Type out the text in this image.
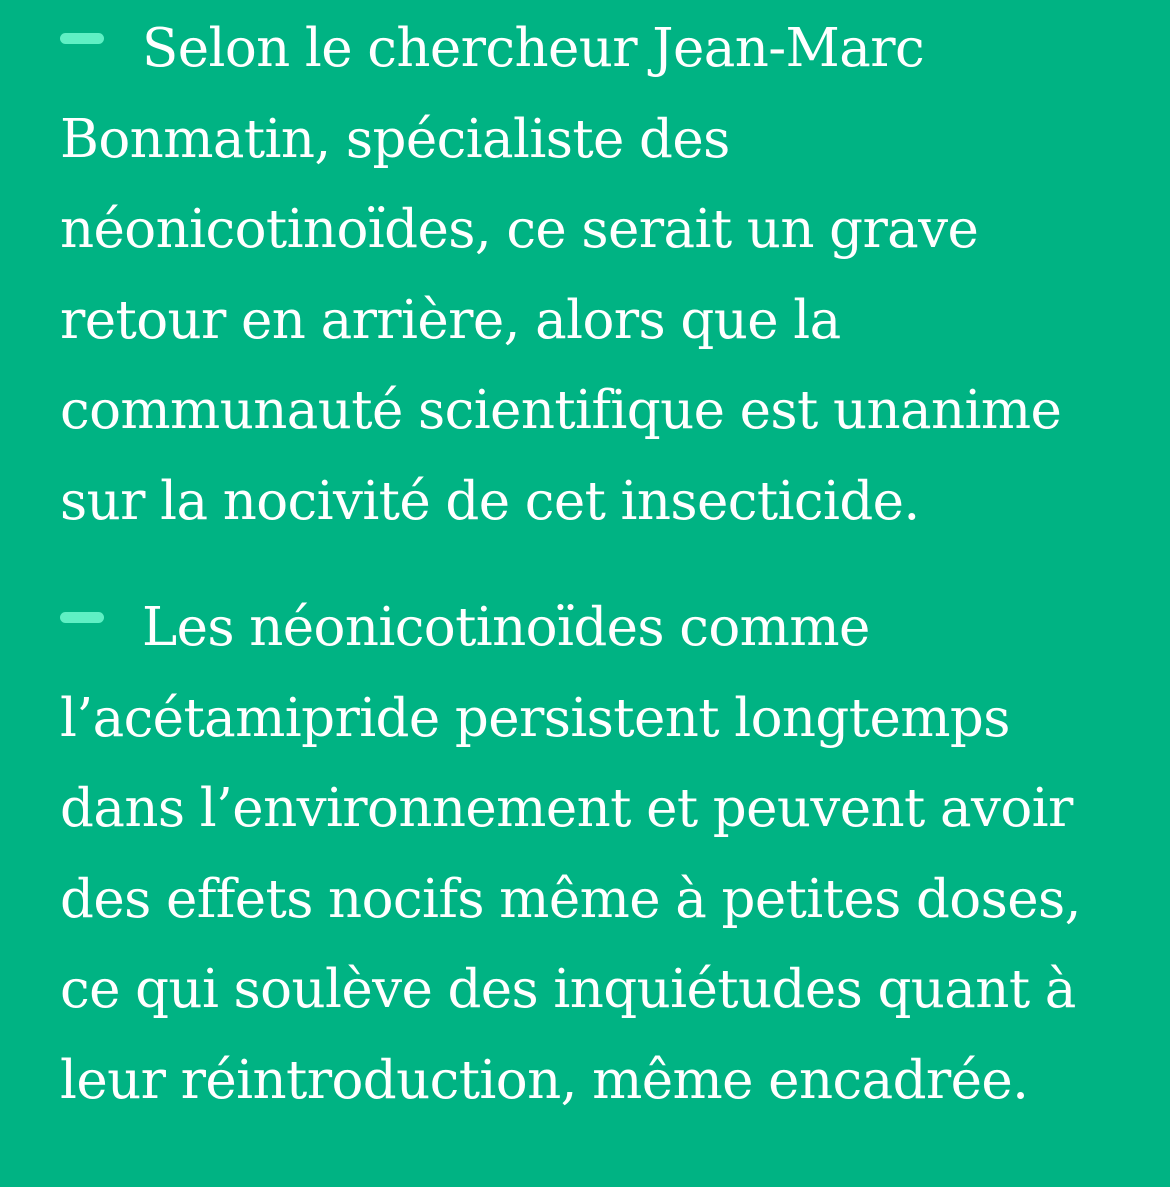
Selon le chercheur Jean-Marc Bonmatin, spécialiste des néonicotinoïdes, ce serait un grave retour en arrière, alors que la communauté scientifique est unanime sur la nocivité de cet insecticide.

Les néonicotinoïdes comme l’acétamipride persistent longtemps dans l’environnement et peuvent avoir des effets nocifs même à petites doses, ce qui soulève des inquiétudes quant à leur réintroduction, même encadrée.
